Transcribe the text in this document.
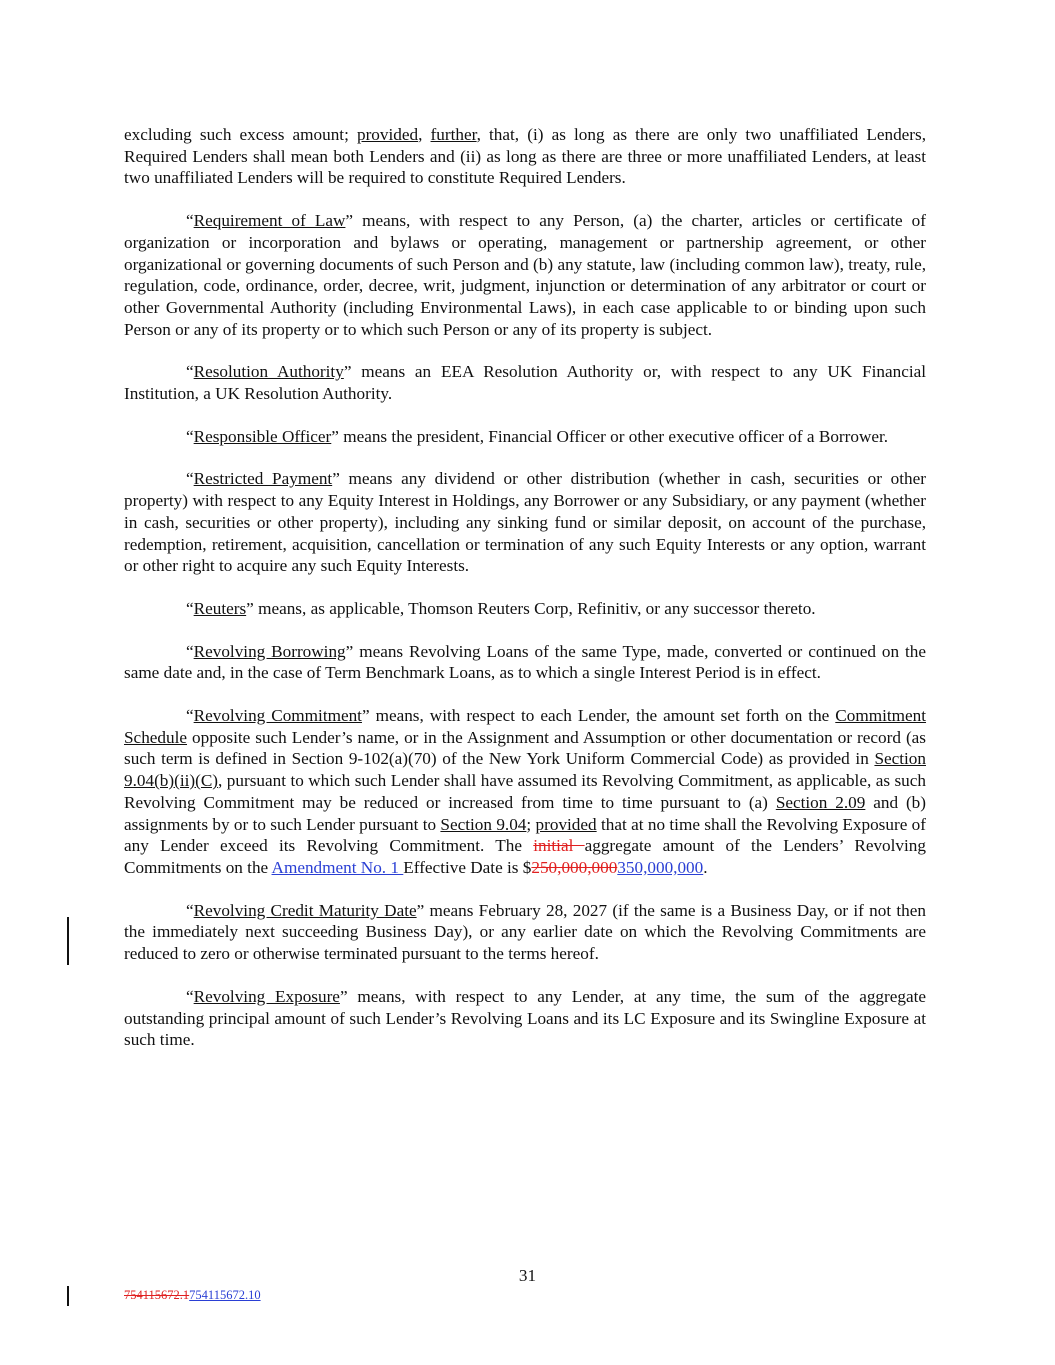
excluding such excess amount; provided, further, that, (i) as long as there are only two unaffiliated Lenders, Required Lenders shall mean both Lenders and (ii) as long as there are three or more unaffiliated Lenders, at least two unaffiliated Lenders will be required to constitute Required Lenders.

“Requirement of Law” means, with respect to any Person, (a) the charter, articles or certificate of organization or incorporation and bylaws or operating, management or partnership agreement, or other organizational or governing documents of such Person and (b) any statute, law (including common law), treaty, rule, regulation, code, ordinance, order, decree, writ, judgment, injunction or determination of any arbitrator or court or other Governmental Authority (including Environmental Laws), in each case applicable to or binding upon such Person or any of its property or to which such Person or any of its property is subject.

“Resolution Authority” means an EEA Resolution Authority or, with respect to any UK Financial Institution, a UK Resolution Authority.

“Responsible Officer” means the president, Financial Officer or other executive officer of a Borrower.

“Restricted Payment” means any dividend or other distribution (whether in cash, securities or other property) with respect to any Equity Interest in Holdings, any Borrower or any Subsidiary, or any payment (whether in cash, securities or other property), including any sinking fund or similar deposit, on account of the purchase, redemption, retirement, acquisition, cancellation or termination of any such Equity Interests or any option, warrant or other right to acquire any such Equity Interests.

“Reuters” means, as applicable, Thomson Reuters Corp, Refinitiv, or any successor thereto.

“Revolving Borrowing” means Revolving Loans of the same Type, made, converted or continued on the same date and, in the case of Term Benchmark Loans, as to which a single Interest Period is in effect.

“Revolving Commitment” means, with respect to each Lender, the amount set forth on the Commitment Schedule opposite such Lender’s name, or in the Assignment and Assumption or other documentation or record (as such term is defined in Section 9-102(a)(70) of the New York Uniform Commercial Code) as provided in Section 9.04(b)(ii)(C), pursuant to which such Lender shall have assumed its Revolving Commitment, as applicable, as such Revolving Commitment may be reduced or increased from time to time pursuant to (a) Section 2.09 and (b) assignments by or to such Lender pursuant to Section 9.04; provided that at no time shall the Revolving Exposure of any Lender exceed its Revolving Commitment. The initial aggregate amount of the Lenders’ Revolving Commitments on the Amendment No. 1 Effective Date is $250,000,000350,000,000.

“Revolving Credit Maturity Date” means February 28, 2027 (if the same is a Business Day, or if not then the immediately next succeeding Business Day), or any earlier date on which the Revolving Commitments are reduced to zero or otherwise terminated pursuant to the terms hereof.

“Revolving Exposure” means, with respect to any Lender, at any time, the sum of the aggregate outstanding principal amount of such Lender’s Revolving Loans and its LC Exposure and its Swingline Exposure at such time.

31
754115672.1754115672.10
